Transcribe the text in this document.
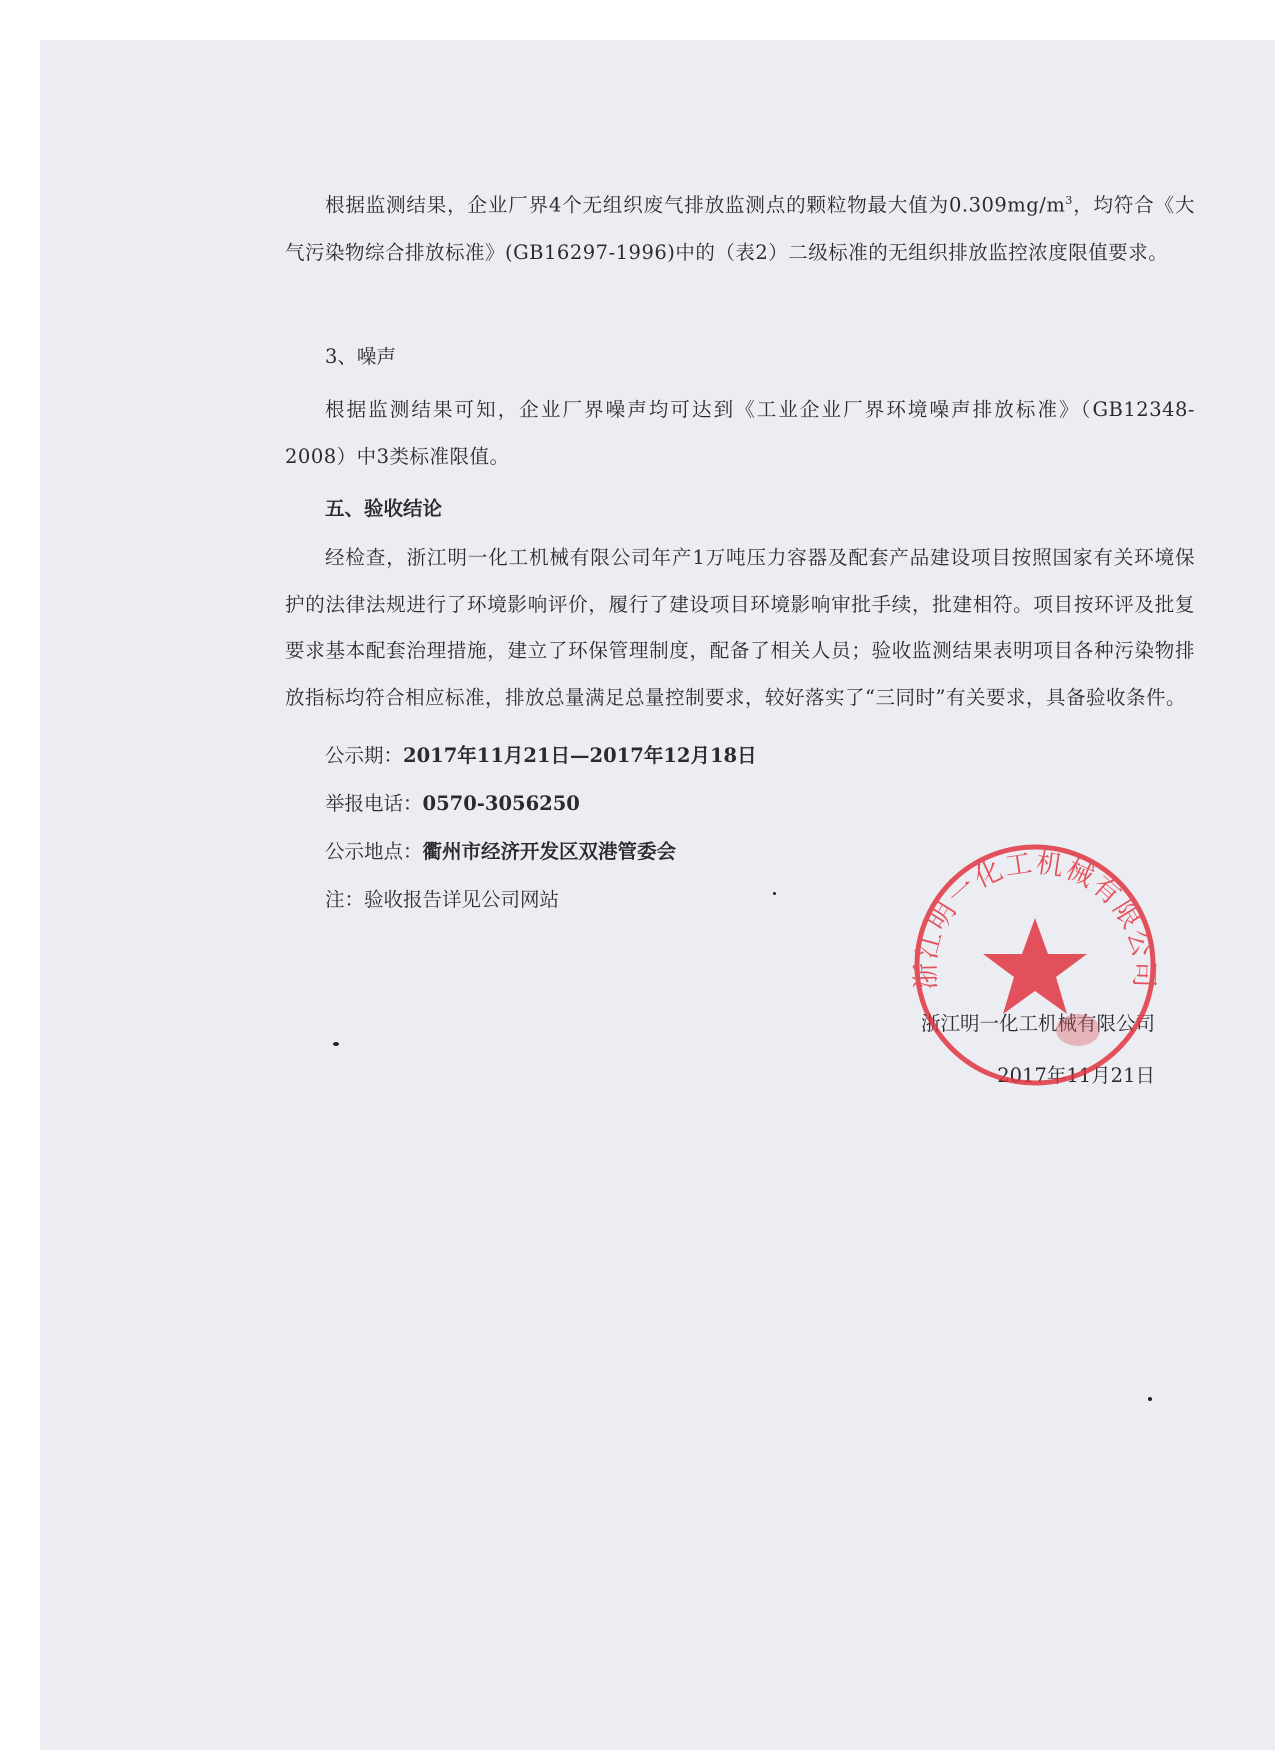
根据监测结果，企业厂界4个无组织废气排放监测点的颗粒物最大值为$0.309mg/m^3$，均符合《大气污染物综合排放标准》(GB16297-1996)中的（表2）二级标准的无组织排放监控浓度限值要求。
3、噪声
根据监测结果可知，企业厂界噪声均可达到《工业企业厂界环境噪声排放标准》（GB12348-2008）中3类标准限值。
五、验收结论
经检查，浙江明一化工机械有限公司年产1万吨压力容器及配套产品建设项目按照国家有关环境保护的法律法规进行了环境影响评价，履行了建设项目环境影响审批手续，批建相符。项目按环评及批复要求基本配套治理措施，建立了环保管理制度，配备了相关人员；验收监测结果表明项目各种污染物排放指标均符合相应标准，排放总量满足总量控制要求，较好落实了“三同时”有关要求，具备验收条件。
公示期：2017年11月21日—2017年12月18日
举报电话：0570-3056250
公示地点：衢州市经济开发区双港管委会
注：验收报告详见公司网站
浙江明一化工机械有限公司
2017年11月21日
浙江明一化工机械有限公司
